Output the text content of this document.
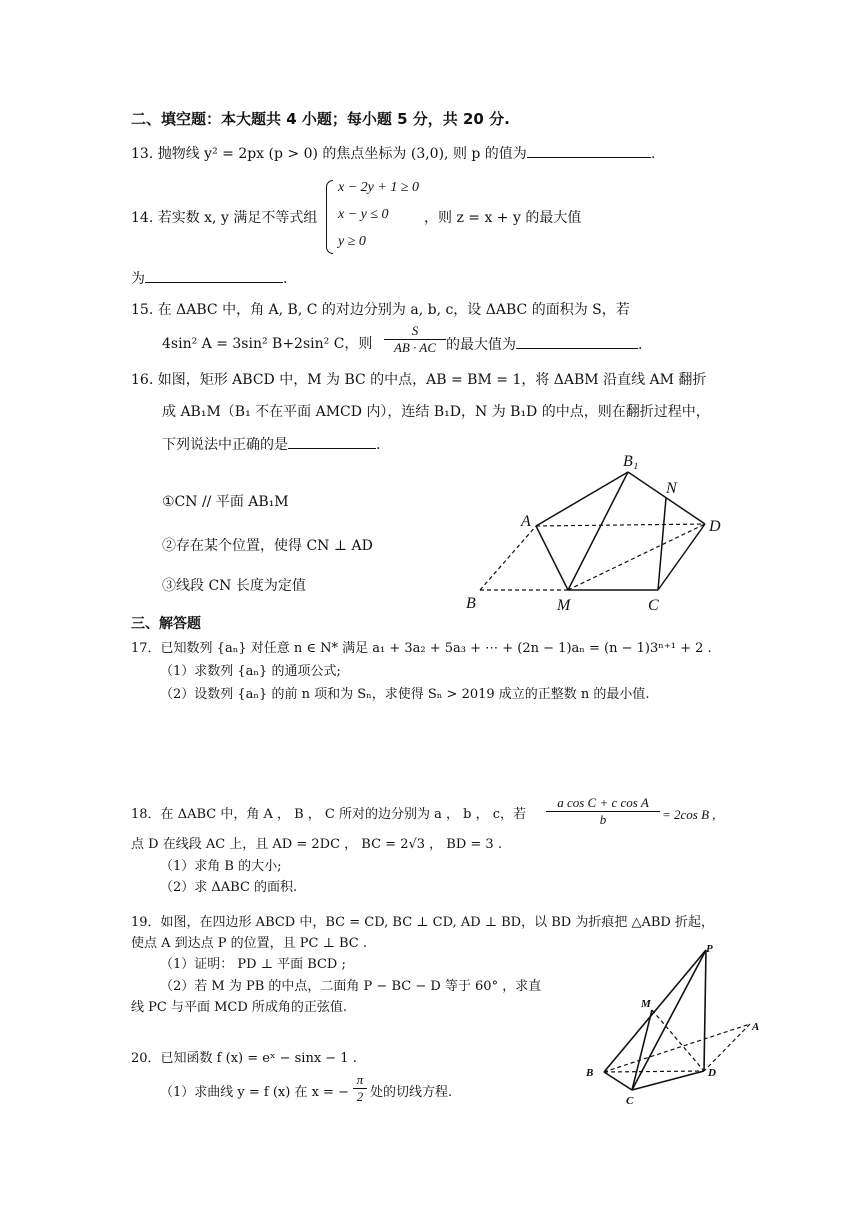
二、填空题：本大题共 4 小题；每小题 5 分，共 20 分.
13. 抛物线 y² = 2px (p > 0) 的焦点坐标为 (3,0), 则 p 的值为	.
14. 若实数 x, y 满足不等式组
x − 2y + 1 ≥ 0
x − y ≤ 0
y ≥ 0
，则 z = x + y 的最大值
为	.
15. 在 ΔABC 中，角 A, B, C 的对边分别为 a, b, c，设 ΔABC 的面积为 S，若
4sin² A = 3sin² B+2sin² C，则 $\frac{S}{AB \cdot AC}$ 的最大值为	.
16. 如图，矩形 ABCD 中，M 为 BC 的中点，AB = BM = 1，将 ΔABM 沿直线 AM 翻折
成 AB₁M（B₁ 不在平面 AMCD 内），连结 B₁D，N 为 B₁D 的中点，则在翻折过程中，
下列说法中正确的是	.
①CN // 平面 AB₁M
②存在某个位置，使得 CN ⊥ AD
③线段 CN 长度为定值
B₁
N
A	D
B	M	C
三、解答题
17．已知数列 {aₙ} 对任意 n ∈ N* 满足 a₁ + 3a₂ + 5a₃ + ⋯ + (2n − 1)aₙ = (n − 1)3ⁿ⁺¹ + 2 .
（1）求数列 {aₙ} 的通项公式;
（2）设数列 {aₙ} 的前 n 项和为 Sₙ，求使得 Sₙ > 2019 成立的正整数 n 的最小值.
18．在 ΔABC 中，角 A ， B ， C 所对的边分别为 a ， b ， c，若 $\frac{\text{a cos C + c cos A}}{b} = 2\cos$ B ,
点 D 在线段 AC 上，且 AD = 2DC ， BC = 2√3 ， BD = 3 .
（1）求角 B 的大小;
（2）求 ΔABC 的面积.
19．如图，在四边形 ABCD 中，BC = CD, BC ⊥ CD, AD ⊥ BD，以 BD 为折痕把 △ABD 折起，
使点 A 到达点 P 的位置，且 PC ⊥ BC .
（1）证明： PD ⊥ 平面 BCD ;
（2）若 M 为 PB 的中点，二面角 P − BC − D 等于 60° ，求直
线 PC 与平面 MCD 所成角的正弦值.
P
M
A
B	D
C
20．已知函数 f (x) = eˣ − sinx − 1 .
（1）求曲线 y = f (x) 在 x = − $\frac{\pi}{2}$ 处的切线方程.
